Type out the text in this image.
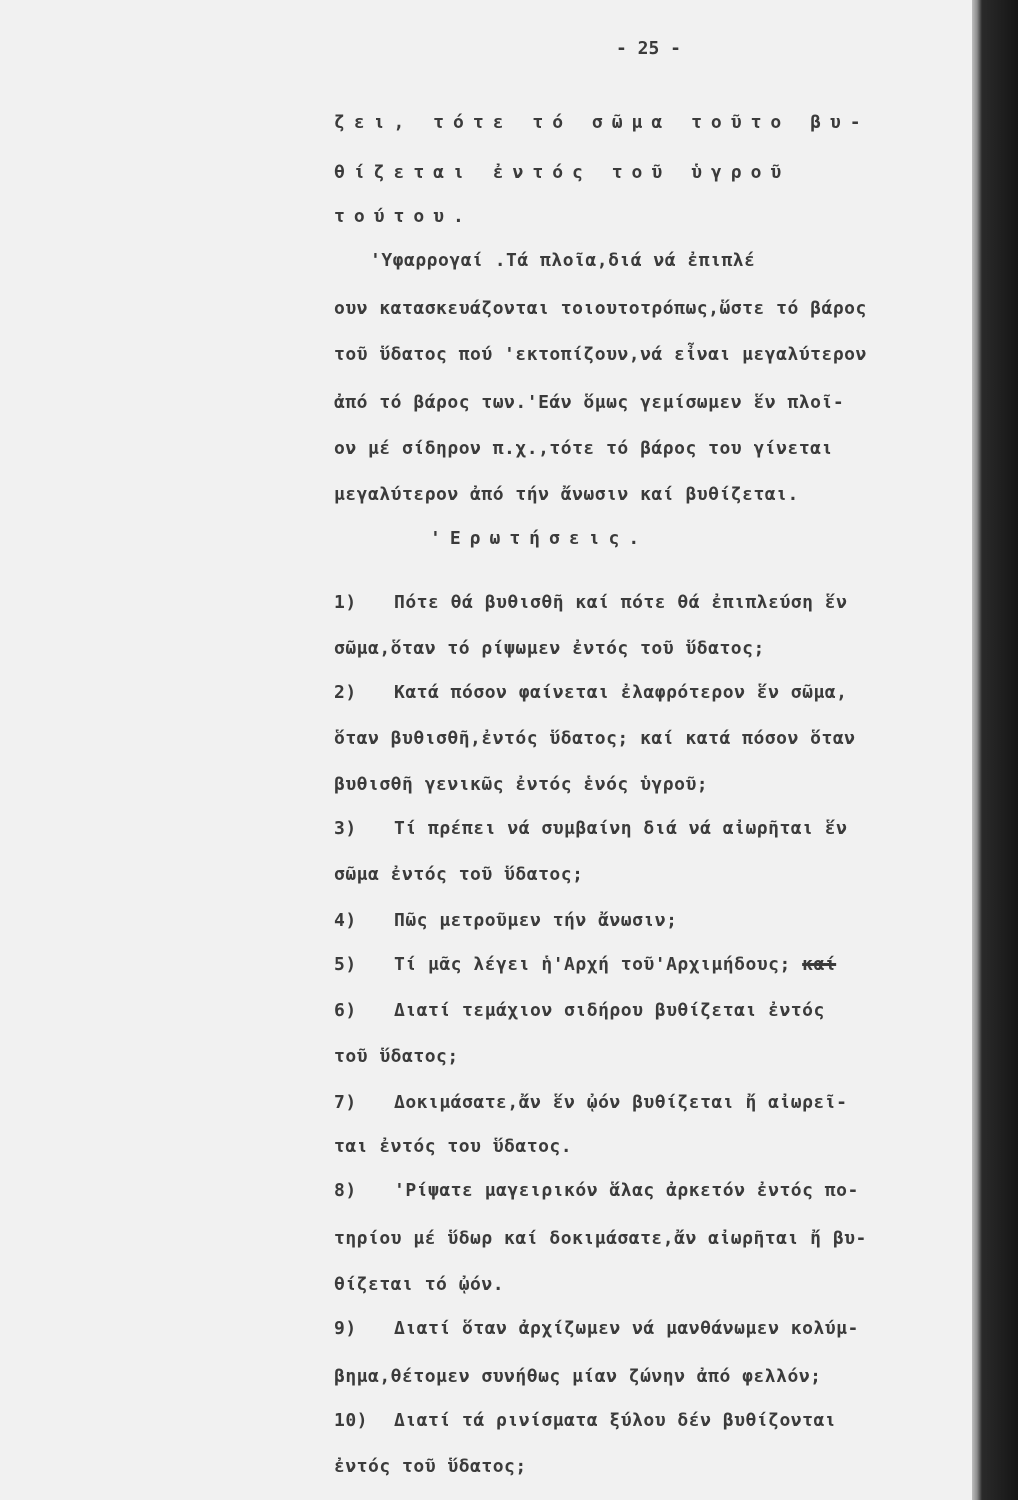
- 25 -
ζει, τότε τό σῶμα τοῦτο βυ-
θίζεται ἐντός τοῦ ὑγροῦ
τούτου.
'Υφαρρογαί .Τά πλοῖα,διά νά ἐπιπλέ
ουν κατασκευάζονται τοιουτοτρόπως,ὥστε τό βάρος
τοῦ ὕδατος πού 'εκτοπίζουν,νά εἶναι μεγαλύτερον
ἀπό τό βάρος των.'Εάν ὅμως γεμίσωμεν ἕν πλοῖ-
ον μέ σίδηρον π.χ.,τότε τό βάρος του γίνεται
μεγαλύτερον ἀπό τήν ἄνωσιν καί βυθίζεται.
'Ερωτήσεις.
1) Πότε θά βυθισθῆ καί πότε θά ἐπιπλεύση ἕν
σῶμα,ὅταν τό ρίψωμεν ἐντός τοῦ ὕδατος;
2) Κατά πόσον φαίνεται ἐλαφρότερον ἕν σῶμα,
ὅταν βυθισθῆ,ἐντός ὕδατος; καί κατά πόσον ὅταν
βυθισθῆ γενικῶς ἐντός ἑνός ὑγροῦ;
3) Τί πρέπει νά συμβαίνη διά νά αἰωρῆται ἕν
σῶμα ἐντός τοῦ ὕδατος;
4) Πῶς μετροῦμεν τήν ἄνωσιν;
5) Τί μᾶς λέγει ἡ'Αρχή τοῦ'Αρχιμήδους; καί
6) Διατί τεμάχιον σιδήρου βυθίζεται ἐντός
τοῦ ὕδατος;
7) Δοκιμάσατε,ἄν ἕν ᾠόν βυθίζεται ἤ αἰωρεῖ-
ται ἐντός του ὕδατος.
8) 'Ρίψατε μαγειρικόν ἅλας ἀρκετόν ἐντός πο-
τηρίου μέ ὕδωρ καί δοκιμάσατε,ἄν αἰωρῆται ἤ βυ-
θίζεται τό ᾠόν.
9) Διατί ὅταν ἀρχίζωμεν νά μανθάνωμεν κολύμ-
βημα,θέτομεν συνήθως μίαν ζώνην ἀπό φελλόν;
10) Διατί τά ρινίσματα ξύλου δέν βυθίζονται
ἐντός τοῦ ὕδατος;
